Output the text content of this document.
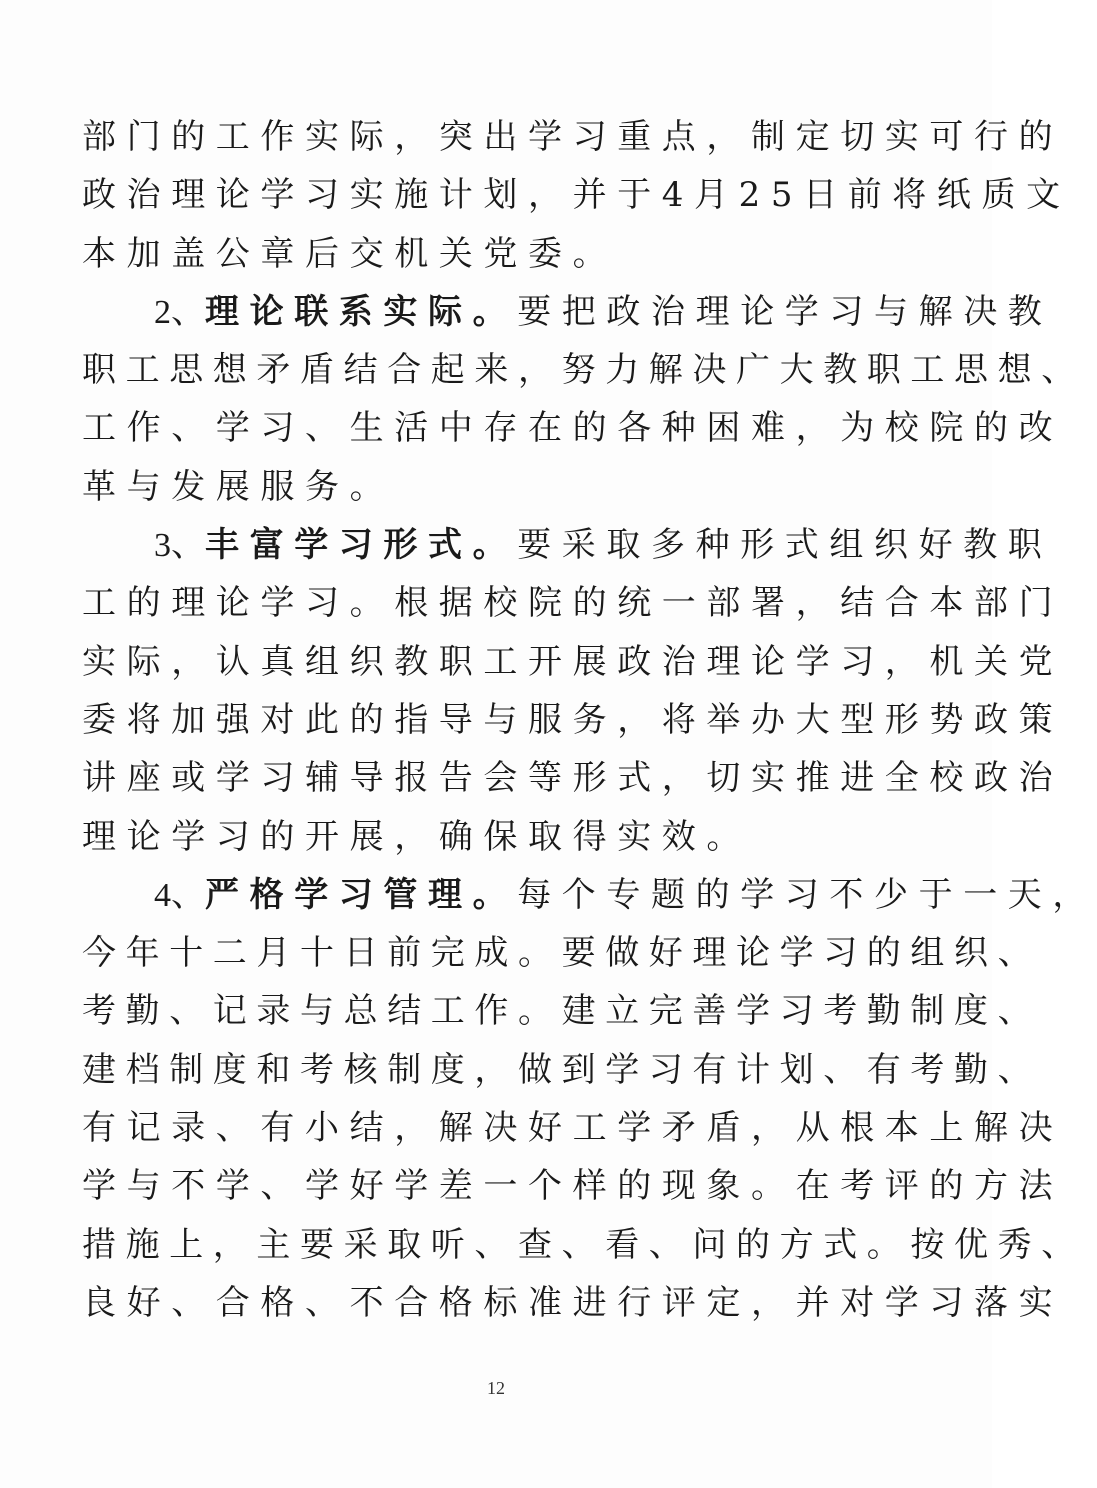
部门的工作实际，突出学习重点，制定切实可行的
政治理论学习实施计划，并于4月25日前将纸质文
本加盖公章后交机关党委。
2、理论联系实际。要把政治理论学习与解决教
职工思想矛盾结合起来，努力解决广大教职工思想、
工作、学习、生活中存在的各种困难，为校院的改
革与发展服务。
3、丰富学习形式。要采取多种形式组织好教职
工的理论学习。根据校院的统一部署，结合本部门
实际，认真组织教职工开展政治理论学习，机关党
委将加强对此的指导与服务，将举办大型形势政策
讲座或学习辅导报告会等形式，切实推进全校政治
理论学习的开展，确保取得实效。
4、严格学习管理。每个专题的学习不少于一天，
今年十二月十日前完成。要做好理论学习的组织、
考勤、记录与总结工作。建立完善学习考勤制度、
建档制度和考核制度，做到学习有计划、有考勤、
有记录、有小结，解决好工学矛盾，从根本上解决
学与不学、学好学差一个样的现象。在考评的方法
措施上，主要采取听、查、看、问的方式。按优秀、
良好、合格、不合格标准进行评定，并对学习落实
12
